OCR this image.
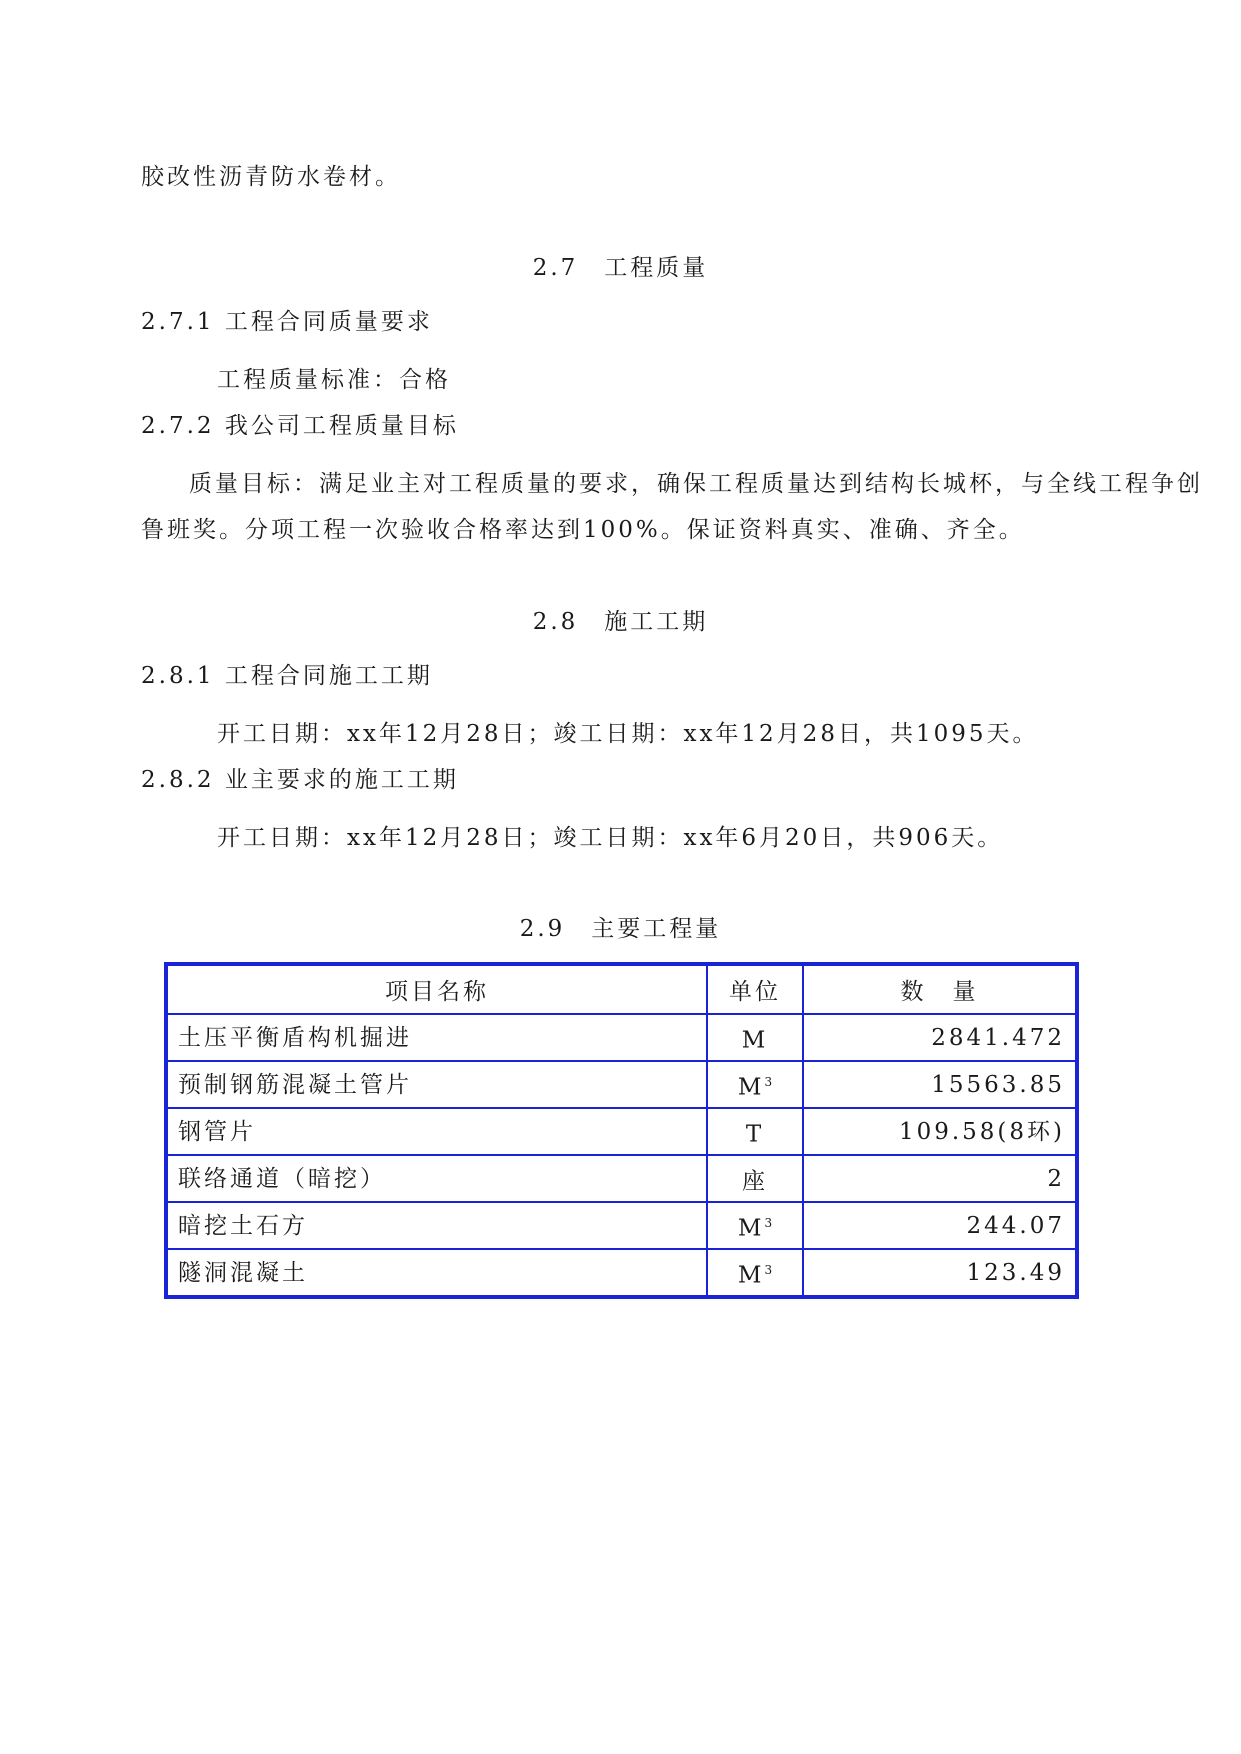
胶改性沥青防水卷材。
2.7　工程质量
2.7.1 工程合同质量要求
工程质量标准：合格
2.7.2 我公司工程质量目标
质量目标：满足业主对工程质量的要求，确保工程质量达到结构长城杯，与全线工程争创
鲁班奖。分项工程一次验收合格率达到100%。保证资料真实、准确、齐全。
2.8　施工工期
2.8.1 工程合同施工工期
开工日期：xx年12月28日；竣工日期：xx年12月28日，共1095天。
2.8.2 业主要求的施工工期
开工日期：xx年12月28日；竣工日期：xx年6月20日，共906天。
2.9　主要工程量
项目名称	单位	数　量
土压平衡盾构机掘进	M	2841.472
预制钢筋混凝土管片	$M^3$	15563.85
钢管片	T	109.58(8环)
联络通道（暗挖）	座	2
暗挖土石方	$M^3$	244.07
隧洞混凝土	$M^3$	123.49
